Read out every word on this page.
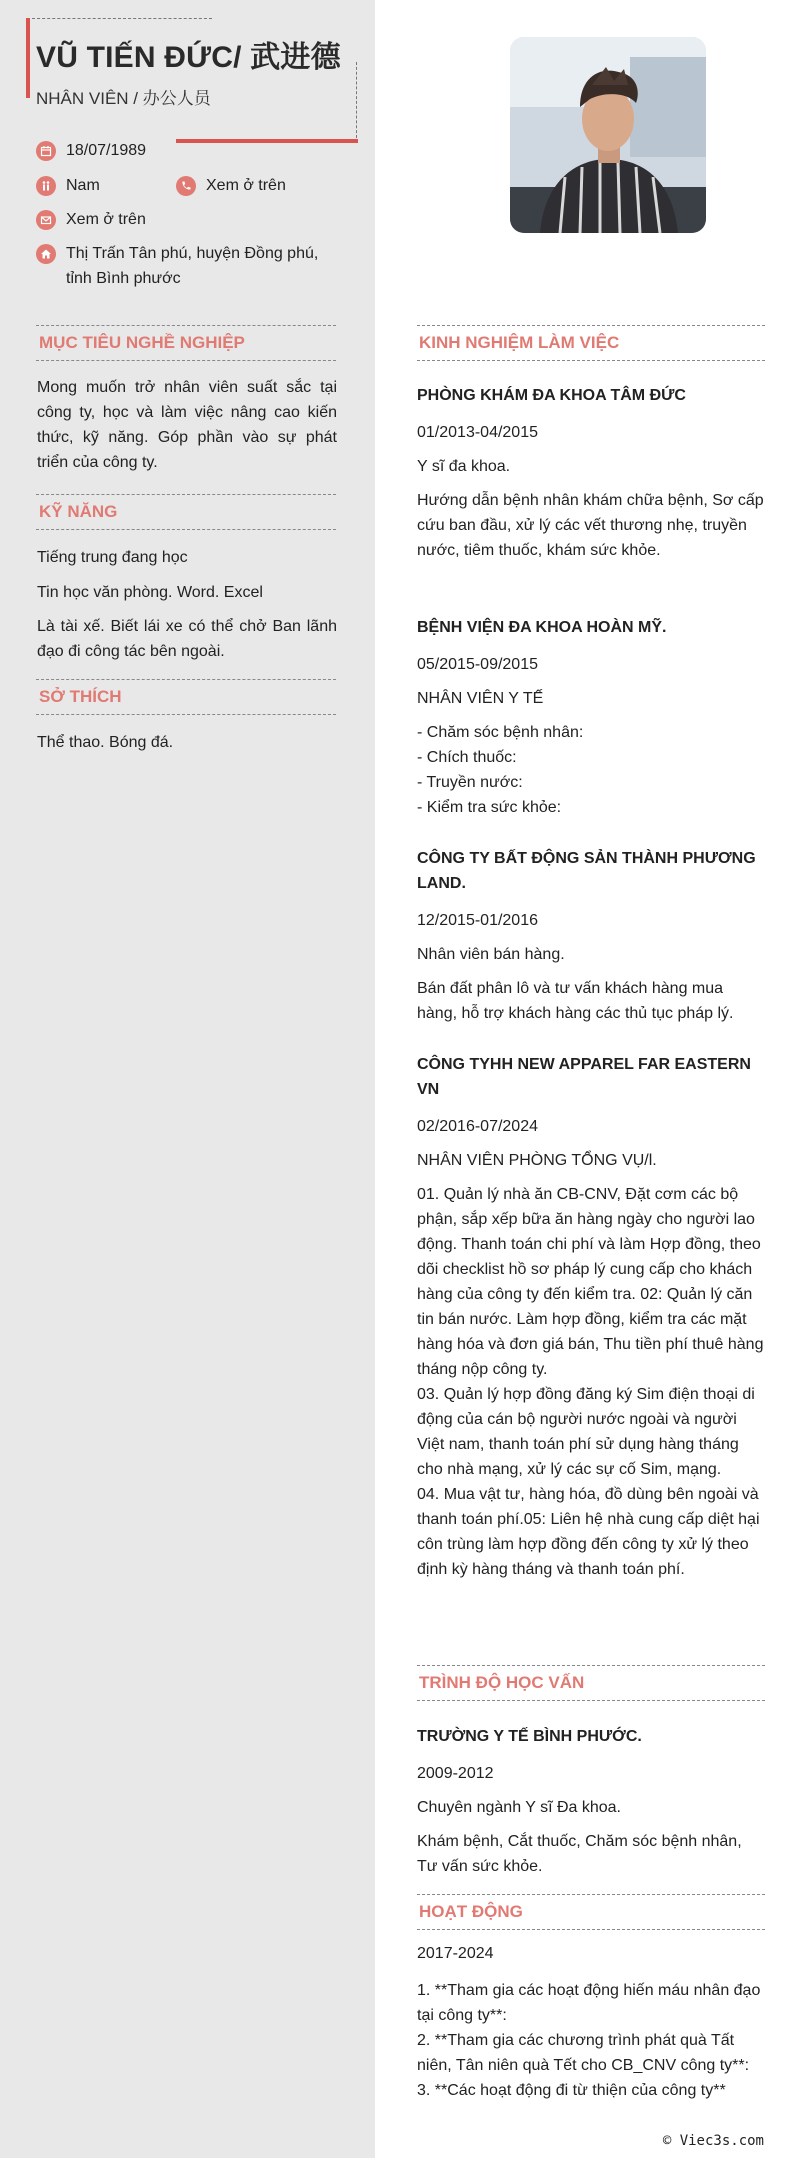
VŨ TIẾN ĐỨC/ 武进德
NHÂN VIÊN / 办公人员
18/07/1989
Nam	Xem ở trên
Xem ở trên
Thị Trấn Tân phú, huyện Đồng phú, tỉnh Bình phước
MỤC TIÊU NGHỀ NGHIỆP
Mong muốn trở nhân viên suất sắc tại công ty, học và làm việc nâng cao kiến thức, kỹ năng. Góp phần vào sự phát triển của công ty.
KỸ NĂNG
Tiếng trung đang học
Tin học văn phòng. Word. Excel
Là tài xế. Biết lái xe có thể chở Ban lãnh đạo đi công tác bên ngoài.
SỞ THÍCH
Thể thao. Bóng đá.
KINH NGHIỆM LÀM VIỆC

PHÒNG KHÁM ĐA KHOA TÂM ĐỨC

01/2013-04/2015

Y sĩ đa khoa.

Hướng dẫn bệnh nhân khám chữa bệnh, Sơ cấp cứu ban đầu, xử lý các vết thương nhẹ, truyền nước, tiêm thuốc, khám sức khỏe.

BỆNH VIỆN ĐA KHOA HOÀN MỸ.

05/2015-09/2015

NHÂN VIÊN Y TẾ

- Chăm sóc bệnh nhân:

- Chích thuốc:

- Truyền nước:

- Kiểm tra sức khỏe:

CÔNG TY BẤT ĐỘNG SẢN THÀNH PHƯƠNG LAND.

12/2015-01/2016

Nhân viên bán hàng.

Bán đất phân lô và tư vấn khách hàng mua hàng, hỗ trợ khách hàng các thủ tục pháp lý.

CÔNG TYHH NEW APPAREL FAR EASTERN VN

02/2016-07/2024

NHÂN VIÊN PHÒNG TỔNG VỤ/l.

01. Quản lý nhà ăn CB-CNV, Đặt cơm các bộ phận, sắp xếp bữa ăn hàng ngày cho người lao động. Thanh toán chi phí và làm Hợp đồng, theo dõi checklist hồ sơ pháp lý cung cấp cho khách hàng của công ty đến kiểm tra. 02: Quản lý căn tin bán nước. Làm hợp đồng, kiểm tra các mặt hàng hóa và đơn giá bán, Thu tiền phí thuê hàng tháng nộp công ty.

03. Quản lý hợp đồng đăng ký Sim điện thoại di động của cán bộ người nước ngoài và người Việt nam, thanh toán phí sử dụng hàng tháng cho nhà mạng, xử lý các sự cố Sim, mạng.

04. Mua vật tư, hàng hóa, đồ dùng bên ngoài và thanh toán phí.05: Liên hệ nhà cung cấp diệt hại côn trùng làm hợp đồng đến công ty xử lý theo định kỳ hàng tháng và thanh toán phí.

TRÌNH ĐỘ HỌC VẤN

TRƯỜNG Y TẾ BÌNH PHƯỚC.

2009-2012

Chuyên ngành Y sĩ Đa khoa.

Khám bệnh, Cắt thuốc, Chăm sóc bệnh nhân, Tư vấn sức khỏe.

HOẠT ĐỘNG

2017-2024

1. **Tham gia các hoạt động hiến máu nhân đạo tại công ty**:

2. **Tham gia các chương trình phát quà Tất niên, Tân niên quà Tết cho CB_CNV công ty**:

3. **Các hoạt động đi từ thiện của công ty**

© Viec3s.com
